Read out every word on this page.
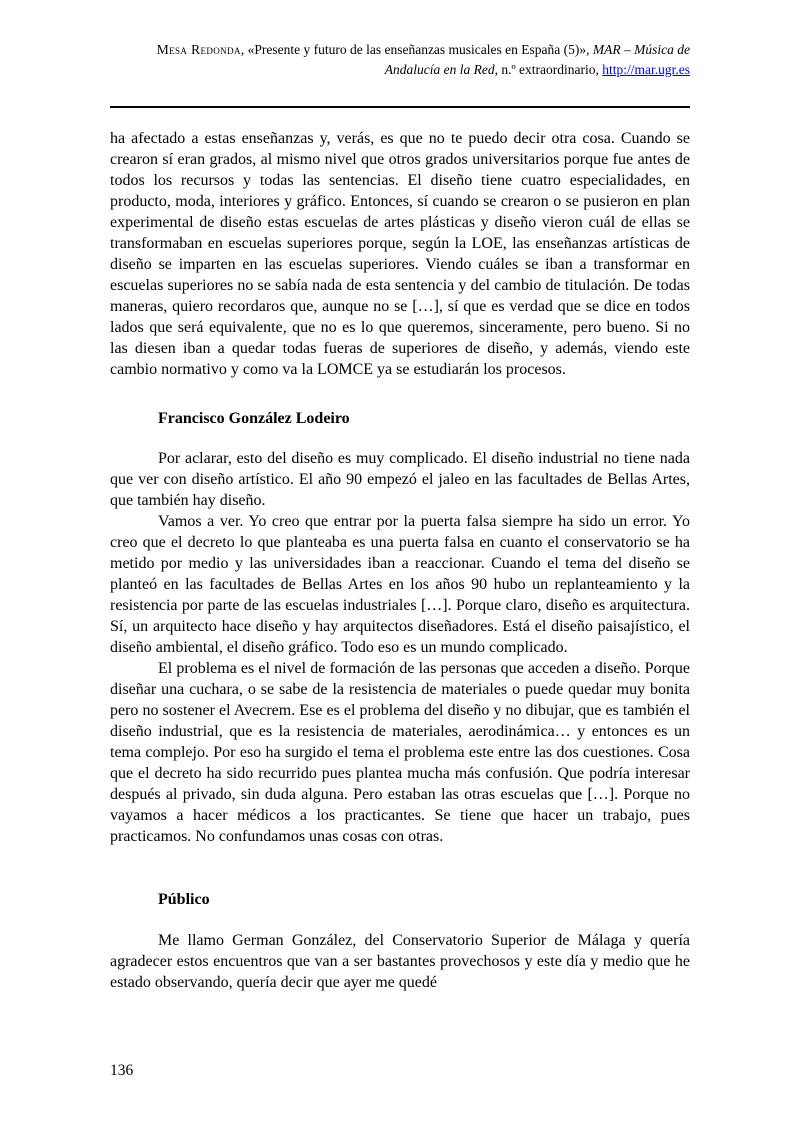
Mesa Redonda, «Presente y futuro de las enseñanzas musicales en España (5)», MAR – Música de
Andalucía en la Red, n.º extraordinario, http://mar.ugr.es

ha afectado a estas enseñanzas y, verás, es que no te puedo decir otra cosa. Cuando se crearon sí eran grados, al mismo nivel que otros grados universitarios porque fue antes de todos los recursos y todas las sentencias. El diseño tiene cuatro especialidades, en producto, moda, interiores y gráfico. Entonces, sí cuando se crearon o se pusieron en plan experimental de diseño estas escuelas de artes plásticas y diseño vieron cuál de ellas se transformaban en escuelas superiores porque, según la LOE, las enseñanzas artísticas de diseño se imparten en las escuelas superiores. Viendo cuáles se iban a transformar en escuelas superiores no se sabía nada de esta sentencia y del cambio de titulación. De todas maneras, quiero recordaros que, aunque no se […], sí que es verdad que se dice en todos lados que será equivalente, que no es lo que queremos, sinceramente, pero bueno. Si no las diesen iban a quedar todas fueras de superiores de diseño, y además, viendo este cambio normativo y como va la LOMCE ya se estudiarán los procesos.

Francisco González Lodeiro

Por aclarar, esto del diseño es muy complicado. El diseño industrial no tiene nada que ver con diseño artístico. El año 90 empezó el jaleo en las facultades de Bellas Artes, que también hay diseño.

Vamos a ver. Yo creo que entrar por la puerta falsa siempre ha sido un error. Yo creo que el decreto lo que planteaba es una puerta falsa en cuanto el conservatorio se ha metido por medio y las universidades iban a reaccionar. Cuando el tema del diseño se planteó en las facultades de Bellas Artes en los años 90 hubo un replanteamiento y la resistencia por parte de las escuelas industriales […]. Porque claro, diseño es arquitectura. Sí, un arquitecto hace diseño y hay arquitectos diseñadores. Está el diseño paisajístico, el diseño ambiental, el diseño gráfico. Todo eso es un mundo complicado.

El problema es el nivel de formación de las personas que acceden a diseño. Porque diseñar una cuchara, o se sabe de la resistencia de materiales o puede quedar muy bonita pero no sostener el Avecrem. Ese es el problema del diseño y no dibujar, que es también el diseño industrial, que es la resistencia de materiales, aerodinámica… y entonces es un tema complejo. Por eso ha surgido el tema el problema este entre las dos cuestiones. Cosa que el decreto ha sido recurrido pues plantea mucha más confusión. Que podría interesar después al privado, sin duda alguna. Pero estaban las otras escuelas que […]. Porque no vayamos a hacer médicos a los practicantes. Se tiene que hacer un trabajo, pues practicamos. No confundamos unas cosas con otras.

Público

Me llamo German González, del Conservatorio Superior de Málaga y quería agradecer estos encuentros que van a ser bastantes provechosos y este día y medio que he estado observando, quería decir que ayer me quedé

136
